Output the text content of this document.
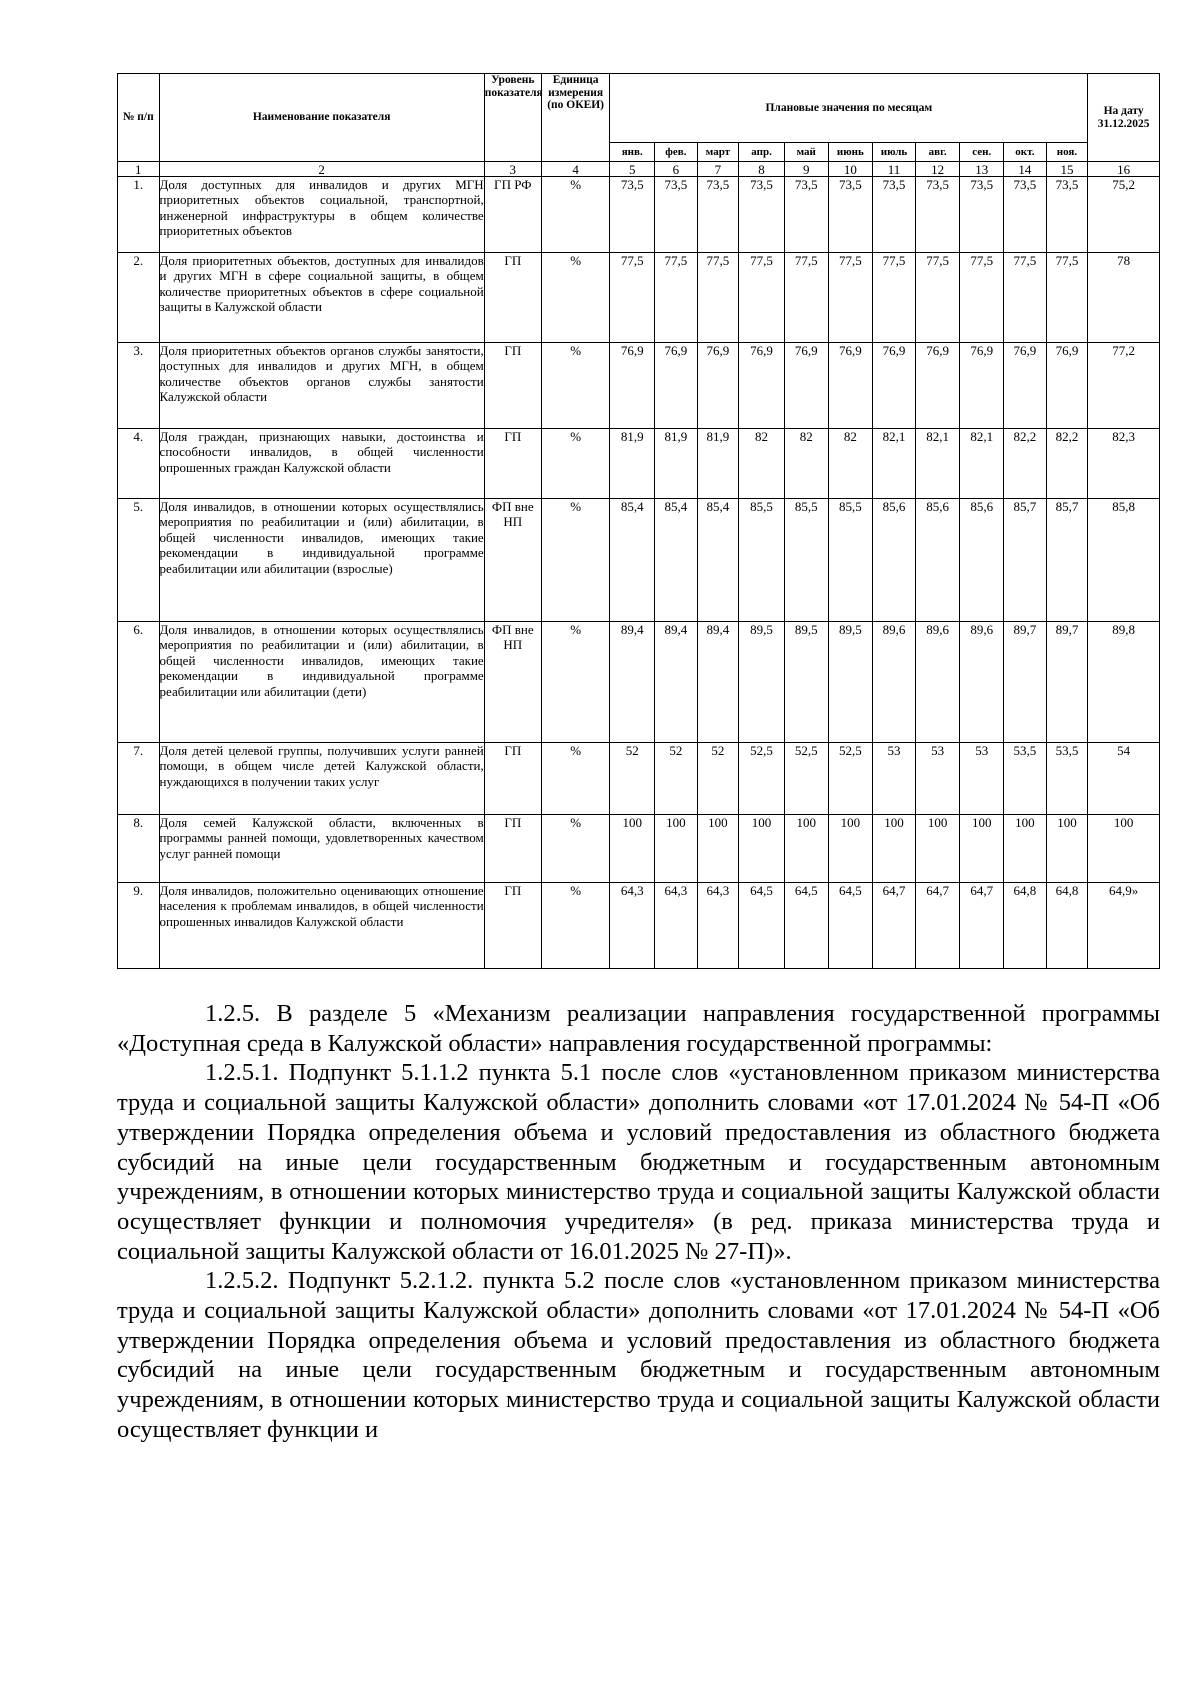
№ п/п	Наименование показателя	Уровень показателя	Единица измерения (по ОКЕИ)	Плановые значения по месяцам											На дату 31.12.2025
				янв.	фев.	март	апр.	май	июнь	июль	авг.	сен.	окт.	ноя.	
1	2	3	4	5	6	7	8	9	10	11	12	13	14	15	16
1.	Доля доступных для инвалидов и других МГН приоритетных объектов социальной, транспортной, инженерной инфраструктуры в общем количестве приоритетных объектов	ГП РФ	%	73,5	73,5	73,5	73,5	73,5	73,5	73,5	73,5	73,5	73,5	73,5	75,2
2.	Доля приоритетных объектов, доступных для инвалидов и других МГН в сфере социальной защиты, в общем количестве приоритетных объектов в сфере социальной защиты в Калужской области	ГП	%	77,5	77,5	77,5	77,5	77,5	77,5	77,5	77,5	77,5	77,5	77,5	78
3.	Доля приоритетных объектов органов службы занятости, доступных для инвалидов и других МГН, в общем количестве объектов органов службы занятости Калужской области	ГП	%	76,9	76,9	76,9	76,9	76,9	76,9	76,9	76,9	76,9	76,9	76,9	77,2
4.	Доля граждан, признающих навыки, достоинства и способности инвалидов, в общей численности опрошенных граждан Калужской области	ГП	%	81,9	81,9	81,9	82	82	82	82,1	82,1	82,1	82,2	82,2	82,3
5.	Доля инвалидов, в отношении которых осуществлялись мероприятия по реабилитации и (или) абилитации, в общей численности инвалидов, имеющих такие рекомендации в индивидуальной программе реабилитации или абилитации (взрослые)	ФП вне НП	%	85,4	85,4	85,4	85,5	85,5	85,5	85,6	85,6	85,6	85,7	85,7	85,8
6.	Доля инвалидов, в отношении которых осуществлялись мероприятия по реабилитации и (или) абилитации, в общей численности инвалидов, имеющих такие рекомендации в индивидуальной программе реабилитации или абилитации (дети)	ФП вне НП	%	89,4	89,4	89,4	89,5	89,5	89,5	89,6	89,6	89,6	89,7	89,7	89,8
7.	Доля детей целевой группы, получивших услуги ранней помощи, в общем числе детей Калужской области, нуждающихся в получении таких услуг	ГП	%	52	52	52	52,5	52,5	52,5	53	53	53	53,5	53,5	54
8.	Доля семей Калужской области, включенных в программы ранней помощи, удовлетворенных качеством услуг ранней помощи	ГП	%	100	100	100	100	100	100	100	100	100	100	100	100
9.	Доля инвалидов, положительно оценивающих отношение населения к проблемам инвалидов, в общей численности опрошенных инвалидов Калужской области	ГП	%	64,3	64,3	64,3	64,5	64,5	64,5	64,7	64,7	64,7	64,8	64,8	64,9»

1.2.5. В разделе 5 «Механизм реализации направления государственной программы «Доступная среда в Калужской области» направления государственной программы:

1.2.5.1. Подпункт 5.1.1.2 пункта 5.1 после слов «установленном приказом министерства труда и социальной защиты Калужской области» дополнить словами «от 17.01.2024 № 54-П «Об утверждении Порядка определения объема и условий предоставления из областного бюджета субсидий на иные цели государственным бюджетным и государственным автономным учреждениям, в отношении которых министерство труда и социальной защиты Калужской области осуществляет функции и полномочия учредителя» (в ред. приказа министерства труда и социальной защиты Калужской области от 16.01.2025 № 27-П)».

1.2.5.2. Подпункт 5.2.1.2. пункта 5.2 после слов «установленном приказом министерства труда и социальной защиты Калужской области» дополнить словами «от 17.01.2024 № 54-П «Об утверждении Порядка определения объема и условий предоставления из областного бюджета субсидий на иные цели государственным бюджетным и государственным автономным учреждениям, в отношении которых министерство труда и социальной защиты Калужской области осуществляет функции и
